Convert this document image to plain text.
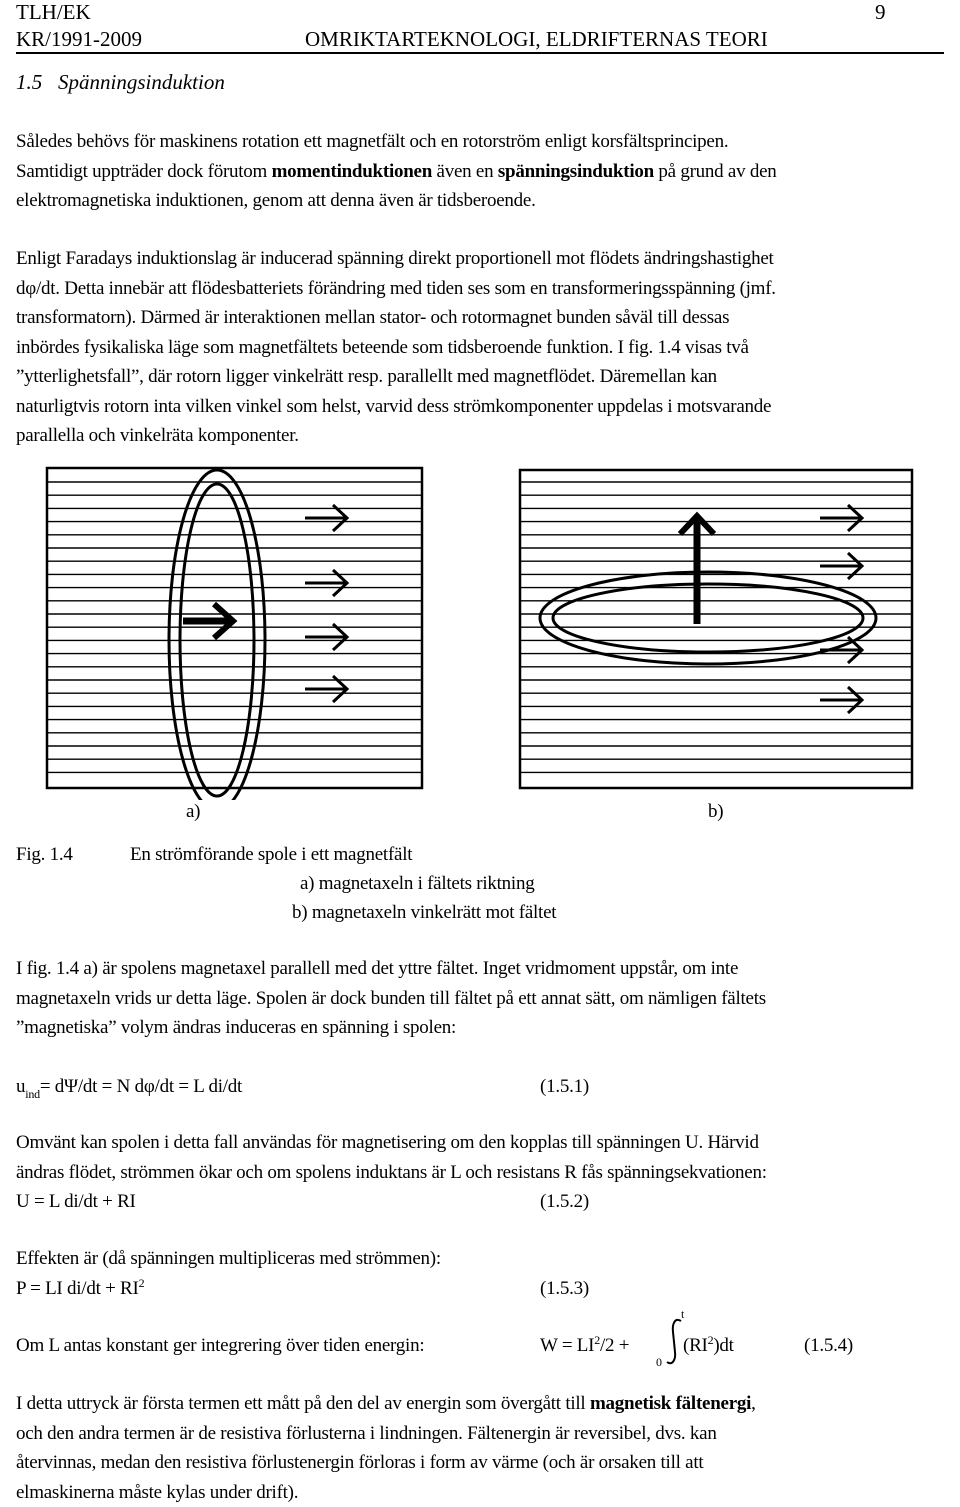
TLH/EK
KR/1991-2009	OMRIKTARTEKNOLOGI, ELDRIFTERNAS TEORI
9
1.5   Spänningsinduktion

Således behövs för maskinens rotation ett magnetfält och en rotorström enligt korsfältsprincipen.

Samtidigt uppträder dock förutom momentinduktionen även en spänningsinduktion på grund av den

elektromagnetiska induktionen, genom att denna även är tidsberoende.

Enligt Faradays induktionslag är inducerad spänning direkt proportionell mot flödets ändringshastighet

dφ/dt. Detta innebär att flödesbatteriets förändring med tiden ses som en transformeringsspänning (jmf.

transformatorn). Därmed är interaktionen mellan stator- och rotormagnet bunden såväl till dessas

inbördes fysikaliska läge som magnetfältets beteende som tidsberoende funktion. I fig. 1.4 visas två

”ytterlighetsfall”, där rotorn ligger vinkelrätt resp. parallellt med magnetflödet. Däremellan kan

naturligtvis rotorn inta vilken vinkel som helst, varvid dess strömkomponenter uppdelas i motsvarande

parallella och vinkelräta komponenter.

a)	b)
Fig. 1.4	En strömförande spole i ett magnetfält
a) magnetaxeln i fältets riktning
b) magnetaxeln vinkelrätt mot fältet

I fig. 1.4 a) är spolens magnetaxel parallell med det yttre fältet. Inget vridmoment uppstår, om inte

magnetaxeln vrids ur detta läge. Spolen är dock bunden till fältet på ett annat sätt, om nämligen fältets

”magnetiska” volym ändras induceras en spänning i spolen:

$u_{ind}= d\Psi/dt = N$ dφ/dt = L di/dt	(1.5.1)

Omvänt kan spolen i detta fall användas för magnetisering om den kopplas till spänningen U. Härvid

ändras flödet, strömmen ökar och om spolens induktans är L och resistans R fås spänningsekvationen:

U = L di/dt + RI	(1.5.2)
Effekten är (då spänningen multipliceras med strömmen):
P = LI $di/dt + RI^2$	(1.5.3)
Om L antas konstant ger integrering över tiden energin:	$W = LI^2/2$ +
t
0
$(RI^2)dt$	(1.5.4)

I detta uttryck är första termen ett mått på den del av energin som övergått till magnetisk fältenergi,

och den andra termen är de resistiva förlusterna i lindningen. Fältenergin är reversibel, dvs. kan

återvinnas, medan den resistiva förlustenergin förloras i form av värme (och är orsaken till att

elmaskinerna måste kylas under drift).
